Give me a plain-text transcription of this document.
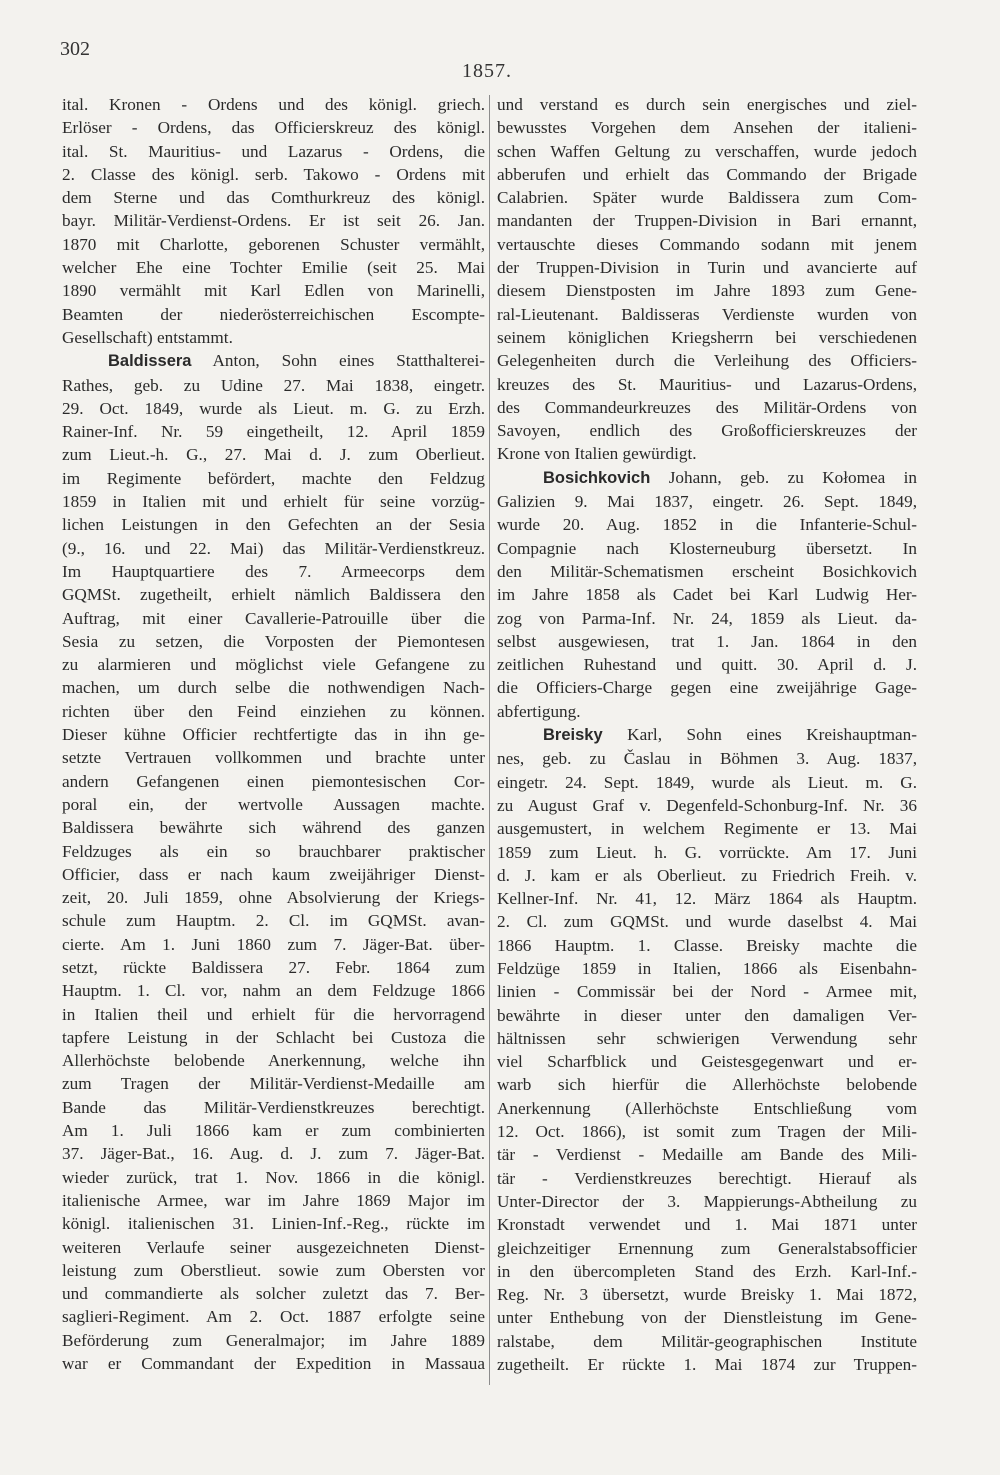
302
1857.
ital. Kronen - Ordens und des königl. griech.
Erlöser - Ordens, das Officierskreuz des königl.
ital. St. Mauritius- und Lazarus - Ordens, die
2. Classe des königl. serb. Takowo - Ordens mit
dem Sterne und das Comthurkreuz des königl.
bayr. Militär-Verdienst-Ordens. Er ist seit 26. Jan.
1870 mit Charlotte, geborenen Schuster vermählt,
welcher Ehe eine Tochter Emilie (seit 25. Mai
1890 vermählt mit Karl Edlen von Marinelli,
Beamten der niederösterreichischen Escompte-
Gesellschaft) entstammt.
Baldissera Anton, Sohn eines Statthalterei-
Rathes, geb. zu Udine 27. Mai 1838, eingetr.
29. Oct. 1849, wurde als Lieut. m. G. zu Erzh.
Rainer-Inf. Nr. 59 eingetheilt, 12. April 1859
zum Lieut.-h. G., 27. Mai d. J. zum Oberlieut.
im Regimente befördert, machte den Feldzug
1859 in Italien mit und erhielt für seine vorzüg-
lichen Leistungen in den Gefechten an der Sesia
(9., 16. und 22. Mai) das Militär-Verdienstkreuz.
Im Hauptquartiere des 7. Armeecorps dem
GQMSt. zugetheilt, erhielt nämlich Baldissera den
Auftrag, mit einer Cavallerie-Patrouille über die
Sesia zu setzen, die Vorposten der Piemontesen
zu alarmieren und möglichst viele Gefangene zu
machen, um durch selbe die nothwendigen Nach-
richten über den Feind einziehen zu können.
Dieser kühne Officier rechtfertigte das in ihn ge-
setzte Vertrauen vollkommen und brachte unter
andern Gefangenen einen piemontesischen Cor-
poral ein, der wertvolle Aussagen machte.
Baldissera bewährte sich während des ganzen
Feldzuges als ein so brauchbarer praktischer
Officier, dass er nach kaum zweijähriger Dienst-
zeit, 20. Juli 1859, ohne Absolvierung der Kriegs-
schule zum Hauptm. 2. Cl. im GQMSt. avan-
cierte. Am 1. Juni 1860 zum 7. Jäger-Bat. über-
setzt, rückte Baldissera 27. Febr. 1864 zum
Hauptm. 1. Cl. vor, nahm an dem Feldzuge 1866
in Italien theil und erhielt für die hervorragend
tapfere Leistung in der Schlacht bei Custoza die
Allerhöchste belobende Anerkennung, welche ihn
zum Tragen der Militär-Verdienst-Medaille am
Bande das Militär-Verdienstkreuzes berechtigt.
Am 1. Juli 1866 kam er zum combinierten
37. Jäger-Bat., 16. Aug. d. J. zum 7. Jäger-Bat.
wieder zurück, trat 1. Nov. 1866 in die königl.
italienische Armee, war im Jahre 1869 Major im
königl. italienischen 31. Linien-Inf.-Reg., rückte im
weiteren Verlaufe seiner ausgezeichneten Dienst-
leistung zum Oberstlieut. sowie zum Obersten vor
und commandierte als solcher zuletzt das 7. Ber-
saglieri-Regiment. Am 2. Oct. 1887 erfolgte seine
Beförderung zum Generalmajor; im Jahre 1889
war er Commandant der Expedition in Massaua
und verstand es durch sein energisches und ziel-
bewusstes Vorgehen dem Ansehen der italieni-
schen Waffen Geltung zu verschaffen, wurde jedoch
abberufen und erhielt das Commando der Brigade
Calabrien. Später wurde Baldissera zum Com-
mandanten der Truppen-Division in Bari ernannt,
vertauschte dieses Commando sodann mit jenem
der Truppen-Division in Turin und avancierte auf
diesem Dienstposten im Jahre 1893 zum Gene-
ral-Lieutenant. Baldisseras Verdienste wurden von
seinem königlichen Kriegsherrn bei verschiedenen
Gelegenheiten durch die Verleihung des Officiers-
kreuzes des St. Mauritius- und Lazarus-Ordens,
des Commandeurkreuzes des Militär-Ordens von
Savoyen, endlich des Großofficierskreuzes der
Krone von Italien gewürdigt.
Bosichkovich Johann, geb. zu Kołomea in
Galizien 9. Mai 1837, eingetr. 26. Sept. 1849,
wurde 20. Aug. 1852 in die Infanterie-Schul-
Compagnie nach Klosterneuburg übersetzt. In
den Militär-Schematismen erscheint Bosichkovich
im Jahre 1858 als Cadet bei Karl Ludwig Her-
zog von Parma-Inf. Nr. 24, 1859 als Lieut. da-
selbst ausgewiesen, trat 1. Jan. 1864 in den
zeitlichen Ruhestand und quitt. 30. April d. J.
die Officiers-Charge gegen eine zweijährige Gage-
abfertigung.
Breisky Karl, Sohn eines Kreishauptman-
nes, geb. zu Časlau in Böhmen 3. Aug. 1837,
eingetr. 24. Sept. 1849, wurde als Lieut. m. G.
zu August Graf v. Degenfeld-Schonburg-Inf. Nr. 36
ausgemustert, in welchem Regimente er 13. Mai
1859 zum Lieut. h. G. vorrückte. Am 17. Juni
d. J. kam er als Oberlieut. zu Friedrich Freih. v.
Kellner-Inf. Nr. 41, 12. März 1864 als Hauptm.
2. Cl. zum GQMSt. und wurde daselbst 4. Mai
1866 Hauptm. 1. Classe. Breisky machte die
Feldzüge 1859 in Italien, 1866 als Eisenbahn-
linien - Commissär bei der Nord - Armee mit,
bewährte in dieser unter den damaligen Ver-
hältnissen sehr schwierigen Verwendung sehr
viel Scharfblick und Geistesgegenwart und er-
warb sich hierfür die Allerhöchste belobende
Anerkennung (Allerhöchste Entschließung vom
12. Oct. 1866), ist somit zum Tragen der Mili-
tär - Verdienst - Medaille am Bande des Mili-
tär - Verdienstkreuzes berechtigt. Hierauf als
Unter-Director der 3. Mappierungs-Abtheilung zu
Kronstadt verwendet und 1. Mai 1871 unter
gleichzeitiger Ernennung zum Generalstabsofficier
in den übercompleten Stand des Erzh. Karl-Inf.-
Reg. Nr. 3 übersetzt, wurde Breisky 1. Mai 1872,
unter Enthebung von der Dienstleistung im Gene-
ralstabe, dem Militär-geographischen Institute
zugetheilt. Er rückte 1. Mai 1874 zur Truppen-
